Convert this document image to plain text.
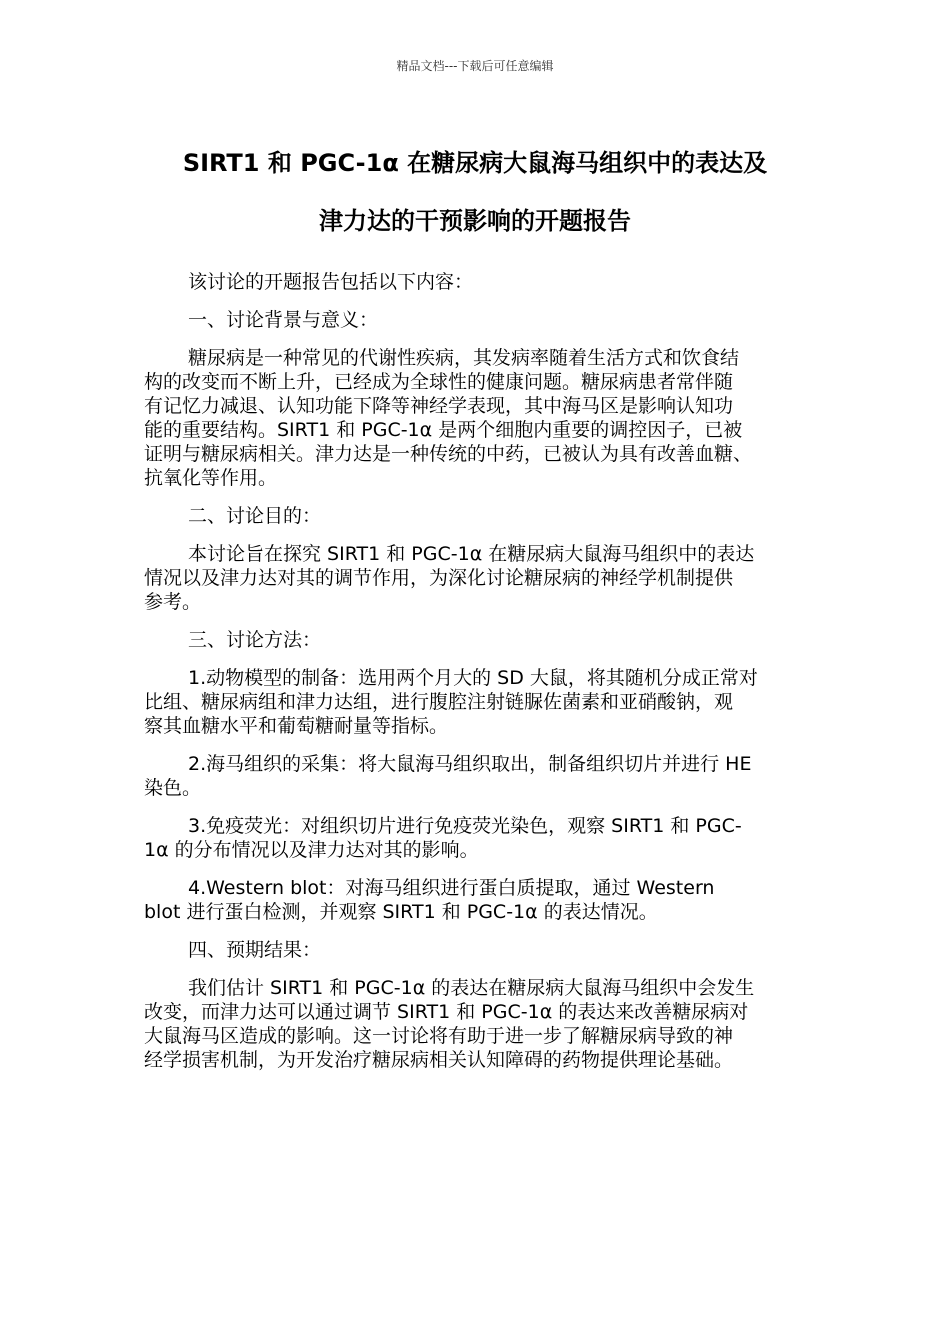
精品文档---下载后可任意编辑
SIRT1 和 PGC-1α 在糖尿病大鼠海马组织中的表达及
津力达的干预影响的开题报告

该讨论的开题报告包括以下内容：

一、讨论背景与意义：

糖尿病是一种常见的代谢性疾病，其发病率随着生活方式和饮食结
构的改变而不断上升，已经成为全球性的健康问题。糖尿病患者常伴随
有记忆力减退、认知功能下降等神经学表现，其中海马区是影响认知功
能的重要结构。SIRT1 和 PGC-1α 是两个细胞内重要的调控因子，已被
证明与糖尿病相关。津力达是一种传统的中药，已被认为具有改善血糖、
抗氧化等作用。

二、讨论目的：

本讨论旨在探究 SIRT1 和 PGC-1α 在糖尿病大鼠海马组织中的表达
情况以及津力达对其的调节作用，为深化讨论糖尿病的神经学机制提供
参考。

三、讨论方法：

1.动物模型的制备：选用两个月大的 SD 大鼠，将其随机分成正常对
比组、糖尿病组和津力达组，进行腹腔注射链脲佐菌素和亚硝酸钠，观
察其血糖水平和葡萄糖耐量等指标。

2.海马组织的采集：将大鼠海马组织取出，制备组织切片并进行 HE
染色。

3.免疫荧光：对组织切片进行免疫荧光染色，观察 SIRT1 和 PGC-
1α 的分布情况以及津力达对其的影响。

4.Western blot：对海马组织进行蛋白质提取，通过 Western
blot 进行蛋白检测，并观察 SIRT1 和 PGC-1α 的表达情况。

四、预期结果：

我们估计 SIRT1 和 PGC-1α 的表达在糖尿病大鼠海马组织中会发生
改变，而津力达可以通过调节 SIRT1 和 PGC-1α 的表达来改善糖尿病对
大鼠海马区造成的影响。这一讨论将有助于进一步了解糖尿病导致的神
经学损害机制，为开发治疗糖尿病相关认知障碍的药物提供理论基础。
